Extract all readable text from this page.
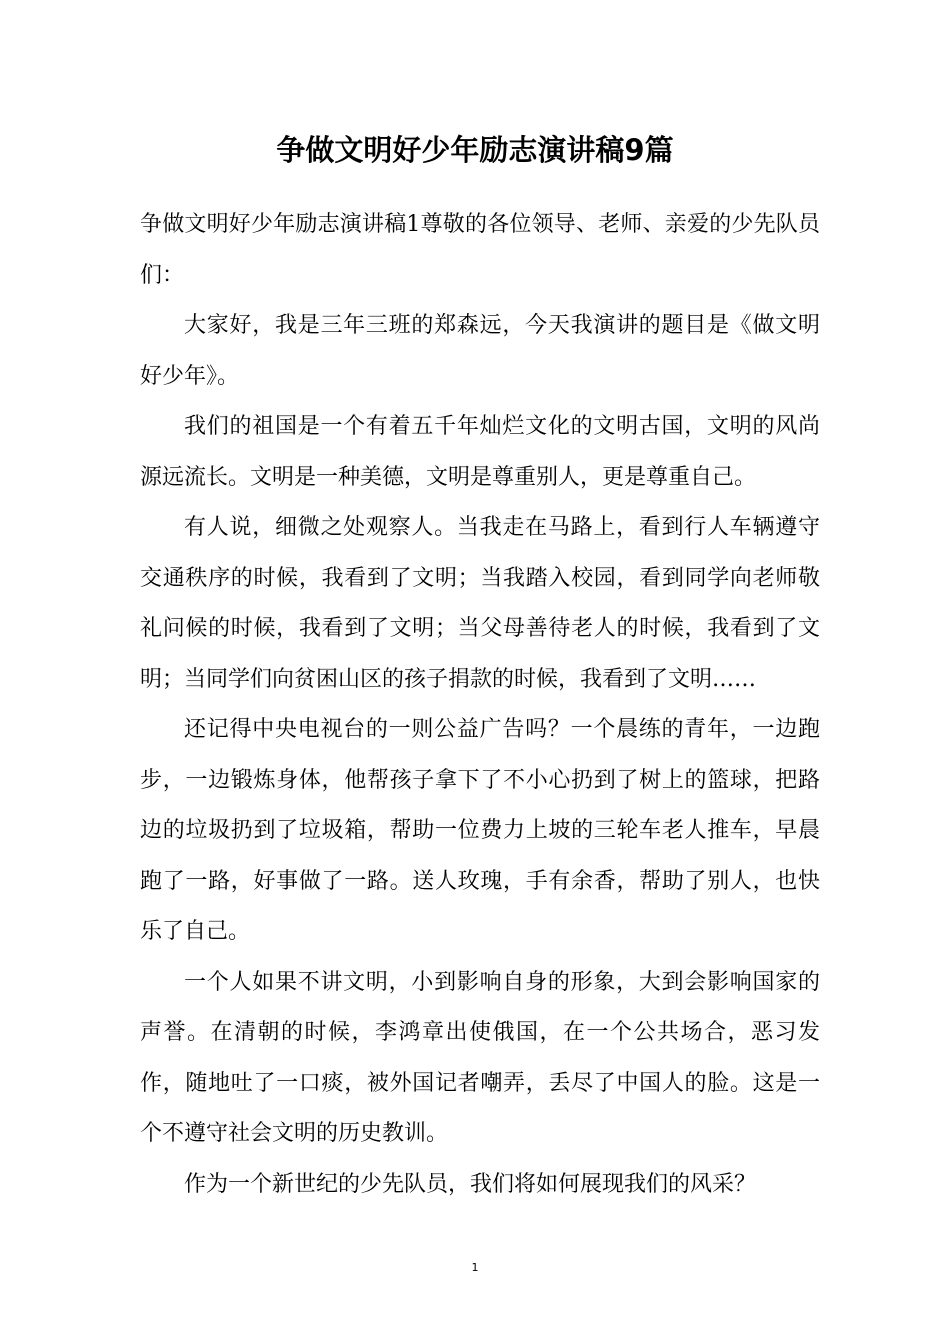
争做文明好少年励志演讲稿9篇

争做文明好少年励志演讲稿1尊敬的各位领导、老师、亲爱的少先队员们：

大家好，我是三年三班的郑森远，今天我演讲的题目是《做文明好少年》。

我们的祖国是一个有着五千年灿烂文化的文明古国，文明的风尚源远流长。文明是一种美德，文明是尊重别人，更是尊重自己。

有人说，细微之处观察人。当我走在马路上，看到行人车辆遵守交通秩序的时候，我看到了文明；当我踏入校园，看到同学向老师敬礼问候的时候，我看到了文明；当父母善待老人的时候，我看到了文明；当同学们向贫困山区的孩子捐款的时候，我看到了文明……

还记得中央电视台的一则公益广告吗？一个晨练的青年，一边跑步，一边锻炼身体，他帮孩子拿下了不小心扔到了树上的篮球，把路边的垃圾扔到了垃圾箱，帮助一位费力上坡的三轮车老人推车，早晨跑了一路，好事做了一路。送人玫瑰，手有余香，帮助了别人，也快乐了自己。

一个人如果不讲文明，小到影响自身的形象，大到会影响国家的声誉。在清朝的时候，李鸿章出使俄国，在一个公共场合，恶习发作，随地吐了一口痰，被外国记者嘲弄，丢尽了中国人的脸。这是一个不遵守社会文明的历史教训。

作为一个新世纪的少先队员，我们将如何展现我们的风采？

1
